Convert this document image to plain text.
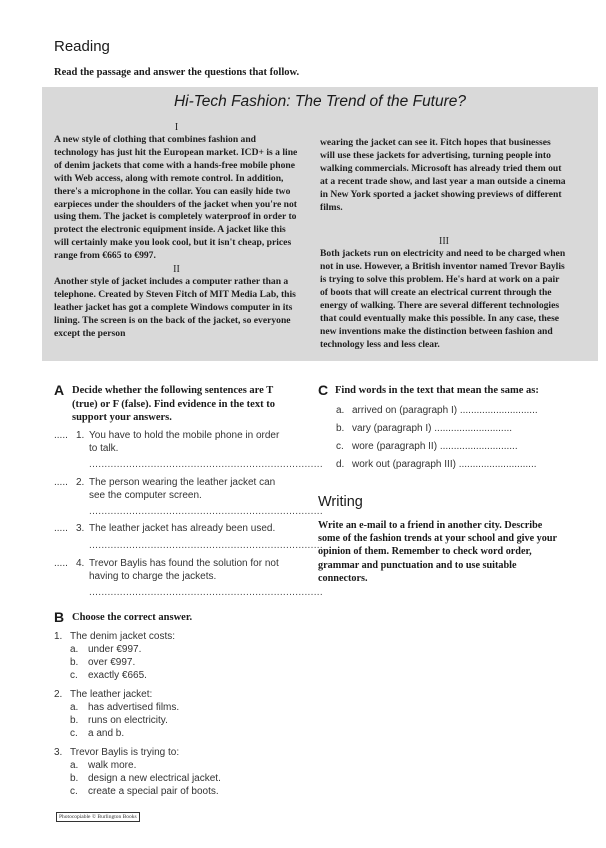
Reading
Read the passage and answer the questions that follow.
Hi-Tech Fashion: The Trend of the Future?
I

A new style of clothing that combines fashion and technology has just hit the European market. ICD+ is a line of denim jackets that come with a hands-free mobile phone with Web access, along with remote control. In addition, there's a microphone in the collar. You can easily hide two earpieces under the shoulders of the jacket when you're not using them. The jacket is completely waterproof in order to protect the electronic equipment inside. A jacket like this will certainly make you look cool, but it isn't cheap, prices range from €665 to €997.

II

Another style of jacket includes a computer rather than a telephone. Created by Steven Fitch of MIT Media Lab, this leather jacket has got a complete Windows computer in its lining. The screen is on the back of the jacket, so everyone except the person

wearing the jacket can see it. Fitch hopes that businesses will use these jackets for advertising, turning people into walking commercials. Microsoft has already tried them out at a recent trade show, and last year a man outside a cinema in New York sported a jacket showing previews of different films.

III

Both jackets run on electricity and need to be charged when not in use. However, a British inventor named Trevor Baylis is trying to solve this problem. He's hard at work on a pair of boots that will create an electrical current through the energy of walking. There are several different technologies that could eventually make this possible. In any case, these new inventions make the distinction between fashion and technology less and less clear.

A Decide whether the following sentences are T (true) or F (false). Find evidence in the text to support your answers.
..... 1. You have to hold the mobile phone in order to talk.
............................................................................
..... 2. The person wearing the leather jacket can see the computer screen.
............................................................................
..... 3. The leather jacket has already been used.
............................................................................
..... 4. Trevor Baylis has found the solution for not having to charge the jackets.
............................................................................
B Choose the correct answer.
1. The denim jacket costs:
a. under €997.
b. over €997.
c. exactly €665.
2. The leather jacket:
a. has advertised films.
b. runs on electricity.
c. a and b.
3. Trevor Baylis is trying to:
a. walk more.
b. design a new electrical jacket.
c. create a special pair of boots.
C Find words in the text that mean the same as:
a. arrived on (paragraph I) ............................
b. vary (paragraph I) ............................
c. wore (paragraph II) ............................
d. work out (paragraph III) ............................
Writing
Write an e-mail to a friend in another city. Describe some of the fashion trends at your school and give your opinion of them. Remember to check word order, grammar and punctuation and to use suitable connectors.
Photocopiable © Burlington Books
